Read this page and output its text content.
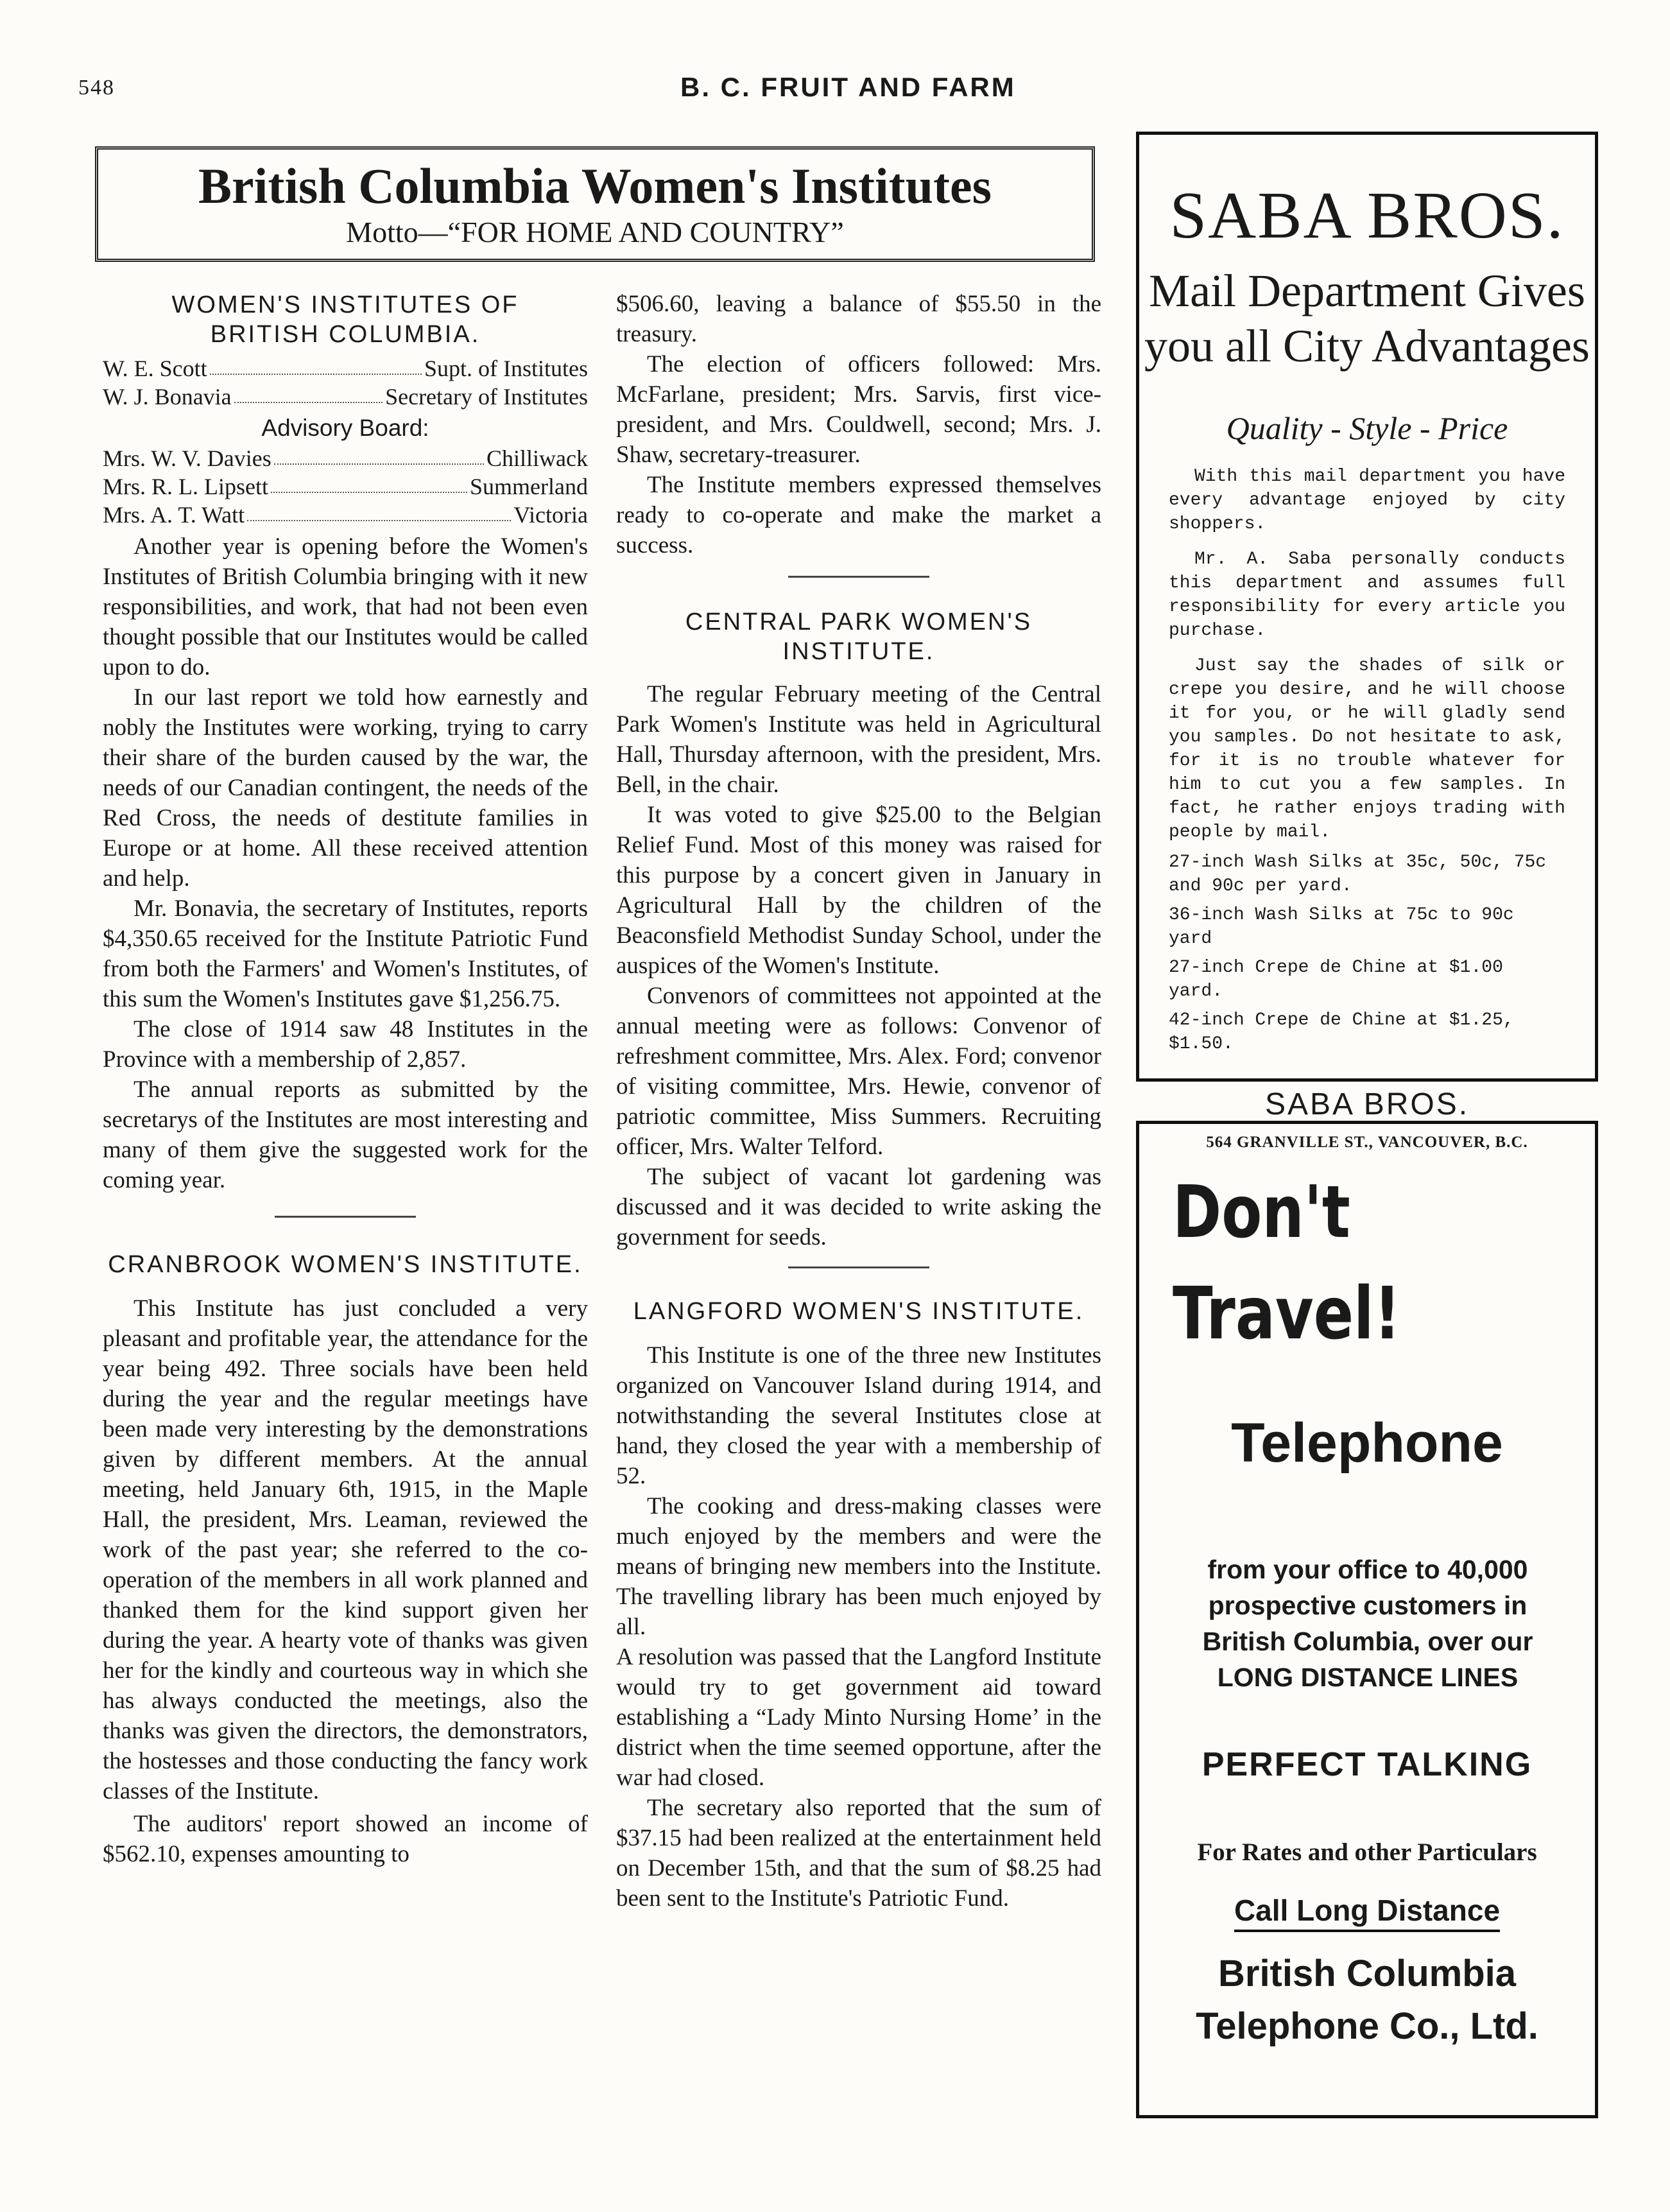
548	B. C. FRUIT AND FARM
British Columbia Women's Institutes
Motto—“FOR HOME AND COUNTRY”
WOMEN'S INSTITUTES OF BRITISH COLUMBIA.
W. E. Scott	Supt. of Institutes
W. J. Bonavia	Secretary of Institutes
Advisory Board:
Mrs. W. V. Davies	Chilliwack
Mrs. R. L. Lipsett	Summerland
Mrs. A. T. Watt	Victoria

Another year is opening before the Women's Institutes of British Columbia bringing with it new responsibilities, and work, that had not been even thought possible that our Institutes would be called upon to do.

In our last report we told how earnestly and nobly the Institutes were working, trying to carry their share of the burden caused by the war, the needs of our Canadian contingent, the needs of the Red Cross, the needs of destitute families in Europe or at home. All these received attention and help.

Mr. Bonavia, the secretary of Institutes, reports $4,350.65 received for the Institute Patriotic Fund from both the Farmers' and Women's Institutes, of this sum the Women's Institutes gave $1,256.75.

The close of 1914 saw 48 Institutes in the Province with a membership of 2,857.

The annual reports as submitted by the secretarys of the Institutes are most interesting and many of them give the suggested work for the coming year.

CRANBROOK WOMEN'S INSTITUTE.

This Institute has just concluded a very pleasant and profitable year, the attendance for the year being 492. Three socials have been held during the year and the regular meetings have been made very interesting by the demonstrations given by different members. At the annual meeting, held January 6th, 1915, in the Maple Hall, the president, Mrs. Leaman, reviewed the work of the past year; she referred to the co-operation of the members in all work planned and thanked them for the kind support given her during the year. A hearty vote of thanks was given her for the kindly and courteous way in which she has always conducted the meetings, also the thanks was given the directors, the demonstrators, the hostesses and those conducting the fancy work classes of the Institute.

The auditors' report showed an income of $562.10, expenses amounting to

$506.60, leaving a balance of $55.50 in the treasury.

The election of officers followed: Mrs. McFarlane, president; Mrs. Sarvis, first vice-president, and Mrs. Couldwell, second; Mrs. J. Shaw, secretary-treasurer.

The Institute members expressed themselves ready to co-operate and make the market a success.

CENTRAL PARK WOMEN'S INSTITUTE.

The regular February meeting of the Central Park Women's Institute was held in Agricultural Hall, Thursday afternoon, with the president, Mrs. Bell, in the chair.

It was voted to give $25.00 to the Belgian Relief Fund. Most of this money was raised for this purpose by a concert given in January in Agricultural Hall by the children of the Beaconsfield Methodist Sunday School, under the auspices of the Women's Institute.

Convenors of committees not appointed at the annual meeting were as follows: Convenor of refreshment committee, Mrs. Alex. Ford; convenor of visiting committee, Mrs. Hewie, convenor of patriotic committee, Miss Summers. Recruiting officer, Mrs. Walter Telford.

The subject of vacant lot gardening was discussed and it was decided to write asking the government for seeds.

LANGFORD WOMEN'S INSTITUTE.

This Institute is one of the three new Institutes organized on Vancouver Island during 1914, and notwithstanding the several Institutes close at hand, they closed the year with a membership of 52.

The cooking and dress-making classes were much enjoyed by the members and were the means of bringing new members into the Institute. The travelling library has been much enjoyed by all.

A resolution was passed that the Langford Institute would try to get government aid toward establishing a “Lady Minto Nursing Home’ in the district when the time seemed opportune, after the war had closed.

The secretary also reported that the sum of $37.15 had been realized at the entertainment held on December 15th, and that the sum of $8.25 had been sent to the Institute's Patriotic Fund.

SABA BROS.
Mail Department Gives you all City Advantages
Quality - Style - Price

With this mail department you have every advantage enjoyed by city shoppers.

Mr. A. Saba personally conducts this department and assumes full responsibility for every article you purchase.

Just say the shades of silk or crepe you desire, and he will choose it for you, or he will gladly send you samples. Do not hesitate to ask, for it is no trouble whatever for him to cut you a few samples. In fact, he rather enjoys trading with people by mail.

27-inch Wash Silks at 35c, 50c, 75c and 90c per yard.

36-inch Wash Silks at 75c to 90c yard

27-inch Crepe de Chine at $1.00 yard.

42-inch Crepe de Chine at $1.25, $1.50.

SABA BROS.
564 GRANVILLE ST., VANCOUVER, B.C.
Don't
Travel!
Telephone
from your office to 40,000 prospective customers in British Columbia, over our LONG DISTANCE LINES
PERFECT TALKING
For Rates and other Particulars
Call Long Distance
British Columbia
Telephone Co., Ltd.
